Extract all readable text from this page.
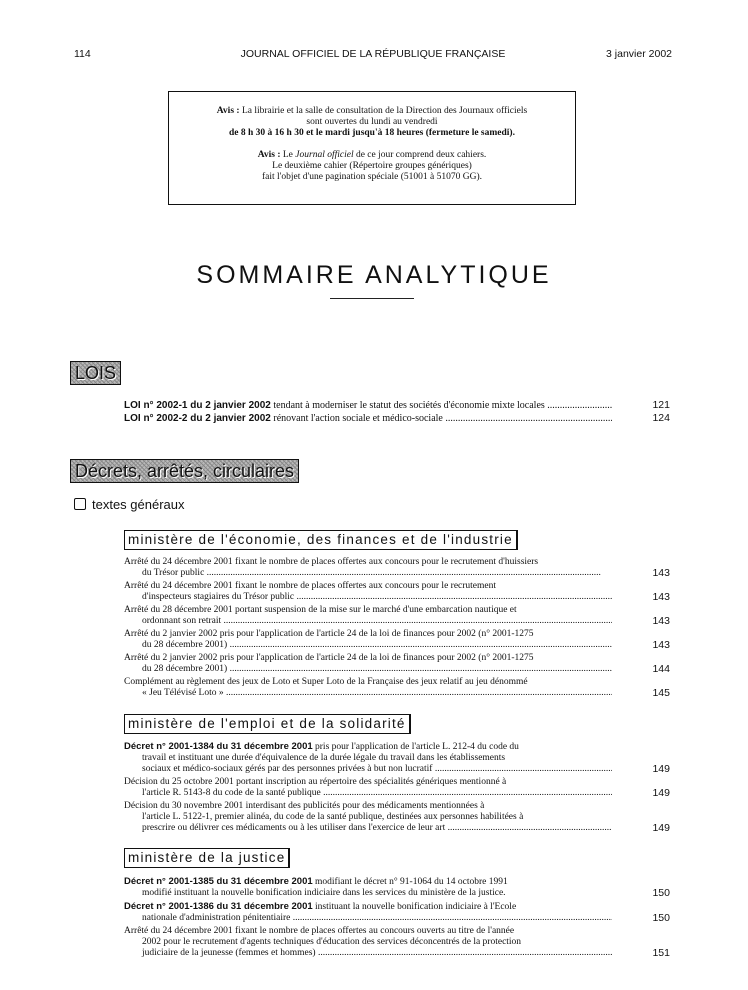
114	JOURNAL OFFICIEL DE LA RÉPUBLIQUE FRANÇAISE	3 janvier 2002
Avis : La librairie et la salle de consultation de la Direction des Journaux officiels
sont ouvertes du lundi au vendredi
de 8 h 30 à 16 h 30 et le mardi jusqu'à 18 heures (fermeture le samedi).
Avis : Le Journal officiel de ce jour comprend deux cahiers.
Le deuxième cahier (Répertoire groupes génériques)
fait l'objet d'une pagination spéciale (51001 à 51070 GG).
SOMMAIRE ANALYTIQUE
LOIS
LOI n° 2002-1 du 2 janvier 2002 tendant à moderniser le statut des sociétés d'économie mixte locales .....	121
LOI n° 2002-2 du 2 janvier 2002 rénovant l'action sociale et médico-sociale .....	124
Décrets, arrêtés, circulaires
textes généraux
ministère de l'économie, des finances et de l'industrie
Arrêté du 24 décembre 2001 fixant le nombre de places offertes aux concours pour le recrutement d'huissiers
du Trésor public .....	143
Arrêté du 24 décembre 2001 fixant le nombre de places offertes aux concours pour le recrutement
d'inspecteurs stagiaires du Trésor public .....	143
Arrêté du 28 décembre 2001 portant suspension de la mise sur le marché d'une embarcation nautique et
ordonnant son retrait .....	143
Arrêté du 2 janvier 2002 pris pour l'application de l'article 24 de la loi de finances pour 2002 (n° 2001-1275
du 28 décembre 2001) .....	143
Arrêté du 2 janvier 2002 pris pour l'application de l'article 24 de la loi de finances pour 2002 (n° 2001-1275
du 28 décembre 2001) .....	144
Complément au règlement des jeux de Loto et Super Loto de la Française des jeux relatif au jeu dénommé
« Jeu Télévisé Loto » .....	145
ministère de l'emploi et de la solidarité
Décret n° 2001-1384 du 31 décembre 2001 pris pour l'application de l'article L. 212-4 du code du
travail et instituant une durée d'équivalence de la durée légale du travail dans les établissements
sociaux et médico-sociaux gérés par des personnes privées à but non lucratif .....	149
Décision du 25 octobre 2001 portant inscription au répertoire des spécialités génériques mentionné à
l'article R. 5143-8 du code de la santé publique .....	149
Décision du 30 novembre 2001 interdisant des publicités pour des médicaments mentionnées à
l'article L. 5122-1, premier alinéa, du code de la santé publique, destinées aux personnes habilitées à
prescrire ou délivrer ces médicaments ou à les utiliser dans l'exercice de leur art .....	149
ministère de la justice
Décret n° 2001-1385 du 31 décembre 2001 modifiant le décret n° 91-1064 du 14 octobre 1991
modifié instituant la nouvelle bonification indiciaire dans les services du ministère de la justice.	150
Décret n° 2001-1386 du 31 décembre 2001 instituant la nouvelle bonification indiciaire à l'Ecole
nationale d'administration pénitentiaire .....	150
Arrêté du 24 décembre 2001 fixant le nombre de places offertes au concours ouverts au titre de l'année
2002 pour le recrutement d'agents techniques d'éducation des services déconcentrés de la protection
judiciaire de la jeunesse (femmes et hommes) .....	151
